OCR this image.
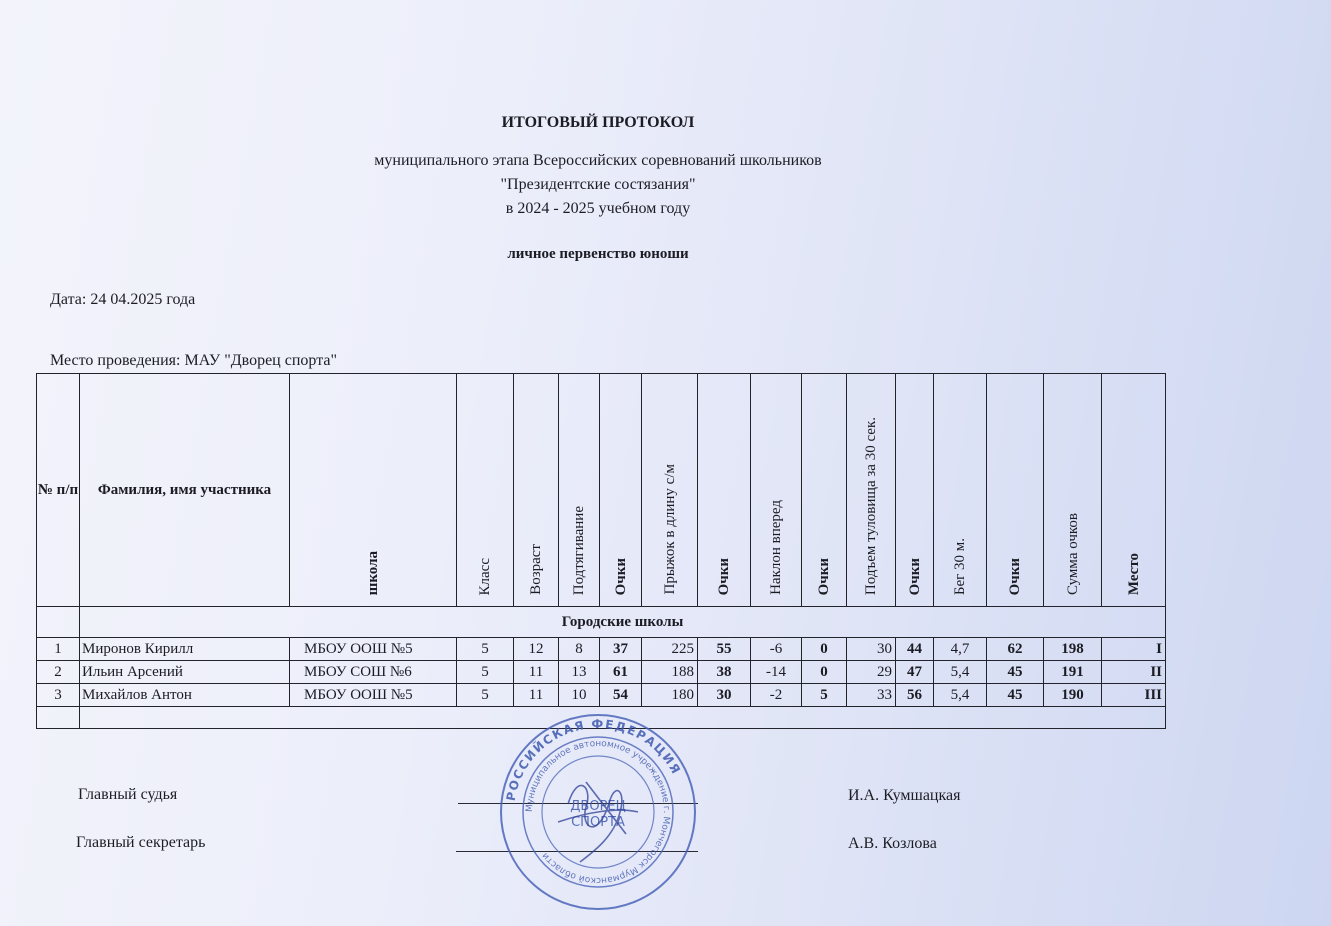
ИТОГОВЫЙ ПРОТОКОЛ
муниципального этапа Всероссийских соревнований школьников
"Президентские состязания"
в 2024 - 2025 учебном году
личное первенство юноши
Дата: 24 04.2025 года
Место проведения: МАУ "Дворец спорта"
№ п/п	Фамилия, имя участника	школа	Класс	Возраст	Подтягивание	Очки	Прыжок в длину с/м	Очки	Наклон вперед	Очки	Подъем туловища за 30 сек.	Очки	Бег 30 м.	Очки	Сумма очков	Место
	Городские школы															
1	Миронов Кирилл	МБОУ ООШ №5	5	12	8	37	225	55	-6	0	30	44	4,7	62	198	I
2	Ильин Арсений	МБОУ СОШ №6	5	11	13	61	188	38	-14	0	29	47	5,4	45	191	II
3	Михайлов Антон	МБОУ ООШ №5	5	11	10	54	180	30	-2	5	33	56	5,4	45	190	III

Главный судья	И.А. Кумшацкая
Главный секретарь	А.В. Козлова
РОССИЙСКАЯ ФЕДЕРАЦИЯ
Муниципальное автономное учреждение г. Мончегорск Мурманской области
ДВОРЕЦ
СПОРТА
